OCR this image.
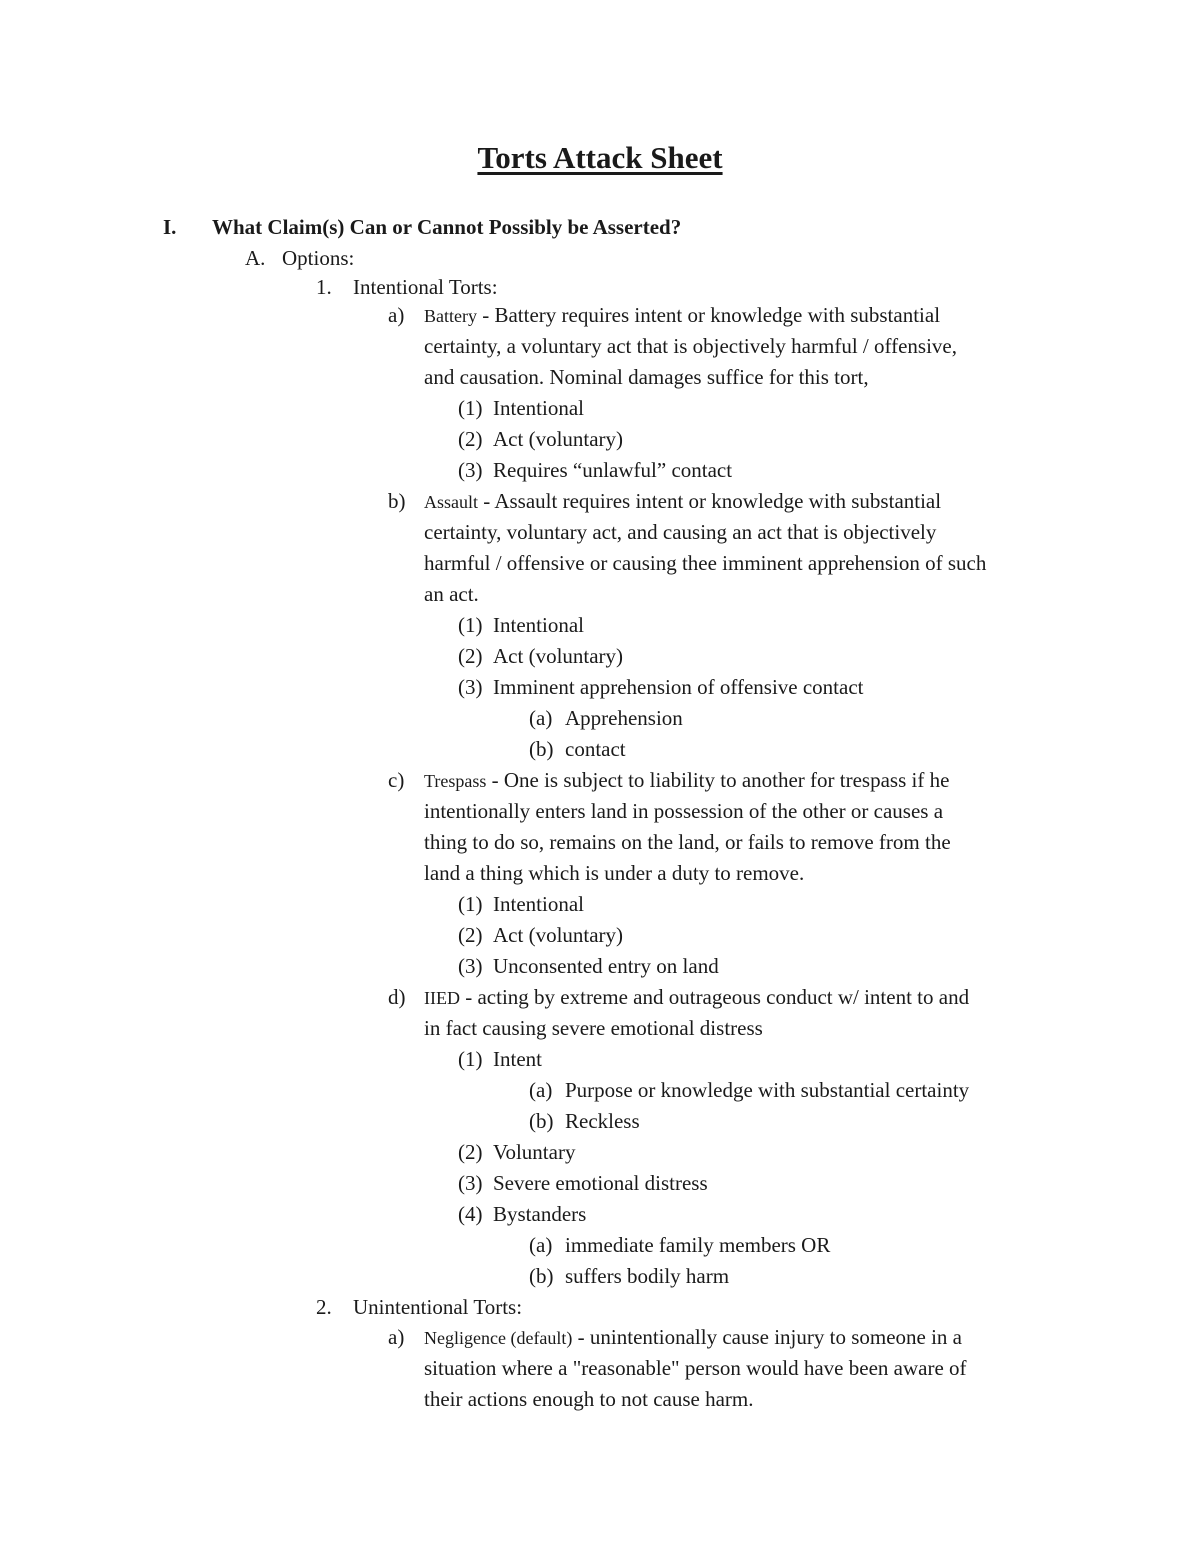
Torts Attack Sheet
I. What Claim(s) Can or Cannot Possibly be Asserted?
A. Options:
1. Intentional Torts:
a) Battery - Battery requires intent or knowledge with substantial
certainty, a voluntary act that is objectively harmful / offensive,
and causation. Nominal damages suffice for this tort,
(1) Intentional
(2) Act (voluntary)
(3) Requires “unlawful” contact
b) Assault - Assault requires intent or knowledge with substantial
certainty, voluntary act, and causing an act that is objectively
harmful / offensive or causing thee imminent apprehension of such
an act.
(1) Intentional
(2) Act (voluntary)
(3) Imminent apprehension of offensive contact
(a) Apprehension
(b) contact
c) Trespass - One is subject to liability to another for trespass if he
intentionally enters land in possession of the other or causes a
thing to do so, remains on the land, or fails to remove from the
land a thing which is under a duty to remove.
(1) Intentional
(2) Act (voluntary)
(3) Unconsented entry on land
d) IIED - acting by extreme and outrageous conduct w/ intent to and
in fact causing severe emotional distress
(1) Intent
(a) Purpose or knowledge with substantial certainty
(b) Reckless
(2) Voluntary
(3) Severe emotional distress
(4) Bystanders
(a) immediate family members OR
(b) suffers bodily harm
2. Unintentional Torts:
a) Negligence (default) - unintentionally cause injury to someone in a
situation where a "reasonable" person would have been aware of
their actions enough to not cause harm.
